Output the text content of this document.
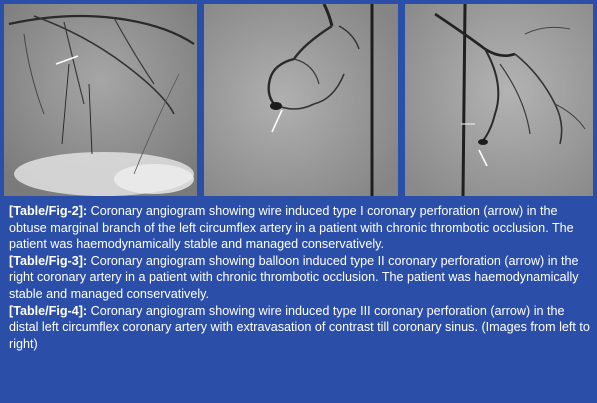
[Table/Fig-2]: Coronary angiogram showing wire induced type I coronary perforation (arrow) in the obtuse marginal branch of the left circumflex artery in a patient with chronic thrombotic occlusion. The patient was haemodynamically stable and managed conservatively.

[Table/Fig-3]: Coronary angiogram showing balloon induced type II coronary perforation (arrow) in the right coronary artery in a patient with chronic thrombotic occlusion. The patient was haemodynamically stable and managed conservatively.

[Table/Fig-4]: Coronary angiogram showing wire induced type III coronary perforation (arrow) in the distal left circumflex coronary artery with extravasation of contrast till coronary sinus. (Images from left to right)
